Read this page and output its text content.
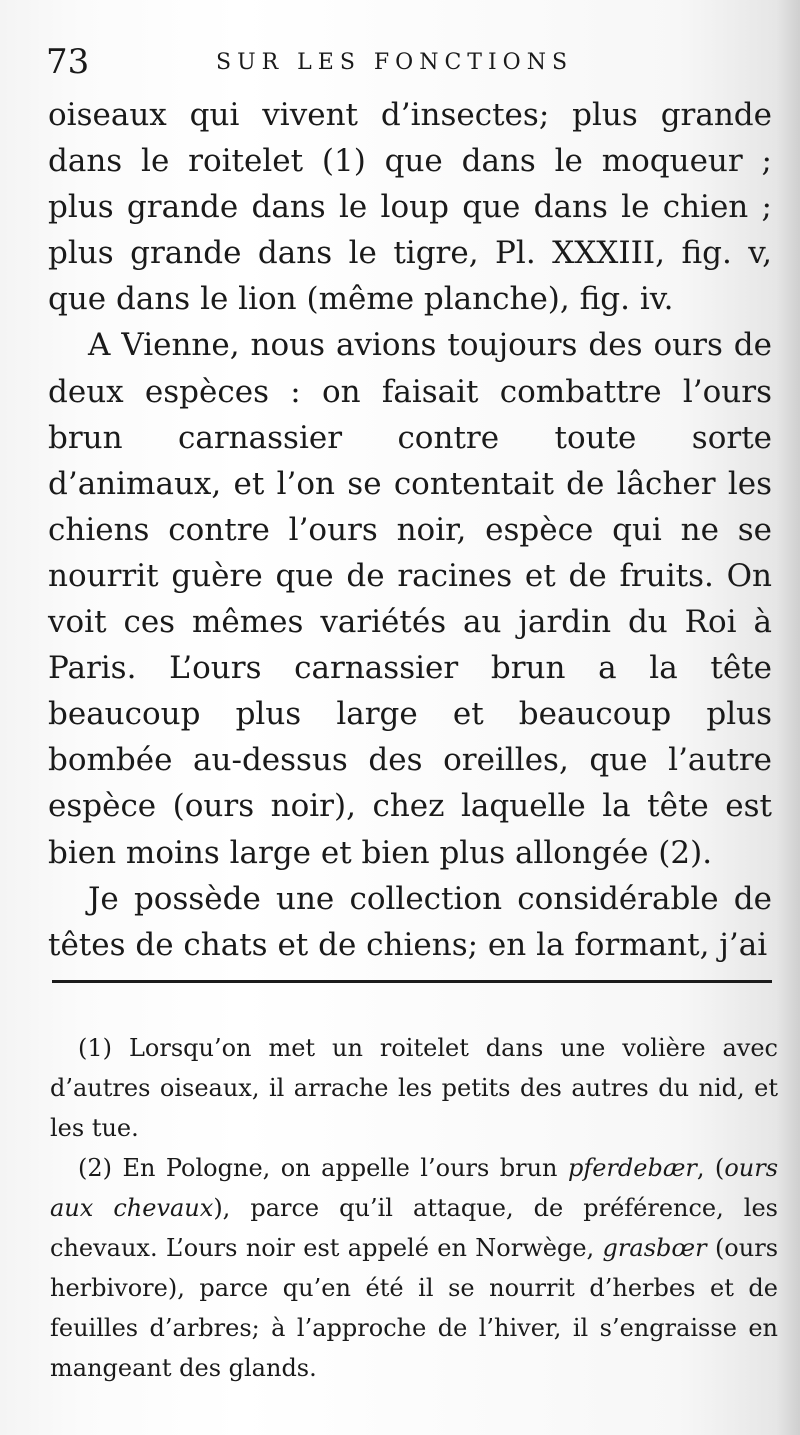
73	SUR LES FONCTIONS

oiseaux qui vivent d’insectes; plus grande dans le roitelet (1) que dans le moqueur ; plus grande dans le loup que dans le chien ; plus grande dans le tigre, Pl. XXXIII, fig. v, que dans le lion (même planche), fig. iv.

A Vienne, nous avions toujours des ours de deux espèces : on faisait combattre l’ours brun carnassier contre toute sorte d’animaux, et l’on se contentait de lâcher les chiens contre l’ours noir, espèce qui ne se nourrit guère que de racines et de fruits. On voit ces mêmes variétés au jardin du Roi à Paris. L’ours carnassier brun a la tête beaucoup plus large et beaucoup plus bombée au-dessus des oreilles, que l’autre espèce (ours noir), chez laquelle la tête est bien moins large et bien plus allongée (2).

Je possède une collection considérable de têtes de chats et de chiens; en la formant, j’ai

(1) Lorsqu’on met un roitelet dans une volière avec d’autres oiseaux, il arrache les petits des autres du nid, et les tue.

(2) En Pologne, on appelle l’ours brun pferdebær, (ours aux chevaux), parce qu’il attaque, de préférence, les chevaux. L’ours noir est appelé en Norwège, grasbœr (ours herbivore), parce qu’en été il se nourrit d’herbes et de feuilles d’arbres; à l’approche de l’hiver, il s’engraisse en mangeant des glands.
